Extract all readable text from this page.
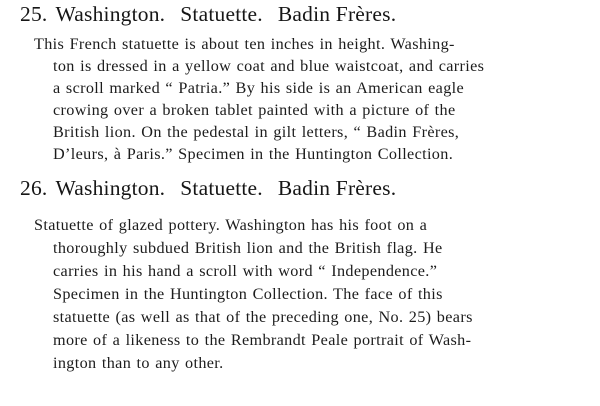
25. Washington. Statuette. Badin Frères.
This French statuette is about ten inches in height. Washing-
ton is dressed in a yellow coat and blue waistcoat, and carries
a scroll marked “ Patria.” By his side is an American eagle
crowing over a broken tablet painted with a picture of the
British lion. On the pedestal in gilt letters, “ Badin Frères,
D’leurs, à Paris.” Specimen in the Huntington Collection.
26. Washington. Statuette. Badin Frères.
Statuette of glazed pottery. Washington has his foot on a
thoroughly subdued British lion and the British flag. He
carries in his hand a scroll with word “ Independence.”
Specimen in the Huntington Collection. The face of this
statuette (as well as that of the preceding one, No. 25) bears
more of a likeness to the Rembrandt Peale portrait of Wash-
ington than to any other.
